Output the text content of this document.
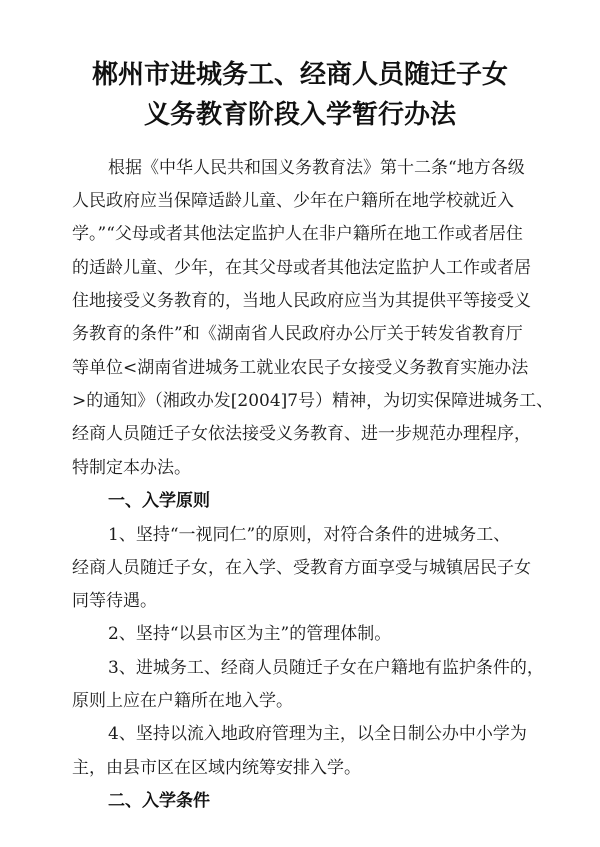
郴州市进城务工、经商人员随迁子女
义务教育阶段入学暂行办法
根据《中华人民共和国义务教育法》第十二条“地方各级
人民政府应当保障适龄儿童、少年在户籍所在地学校就近入
学。”“父母或者其他法定监护人在非户籍所在地工作或者居住
的适龄儿童、少年，在其父母或者其他法定监护人工作或者居
住地接受义务教育的，当地人民政府应当为其提供平等接受义
务教育的条件”和《湖南省人民政府办公厅关于转发省教育厅
等单位<湖南省进城务工就业农民子女接受义务教育实施办法
>的通知》（湘政办发[2004]7号）精神，为切实保障进城务工、
经商人员随迁子女依法接受义务教育、进一步规范办理程序，
特制定本办法。
一、入学原则
1、坚持“一视同仁”的原则，对符合条件的进城务工、
经商人员随迁子女，在入学、受教育方面享受与城镇居民子女
同等待遇。
2、坚持“以县市区为主”的管理体制。
3、进城务工、经商人员随迁子女在户籍地有监护条件的，
原则上应在户籍所在地入学。
4、坚持以流入地政府管理为主，以全日制公办中小学为
主，由县市区在区域内统筹安排入学。
二、入学条件
